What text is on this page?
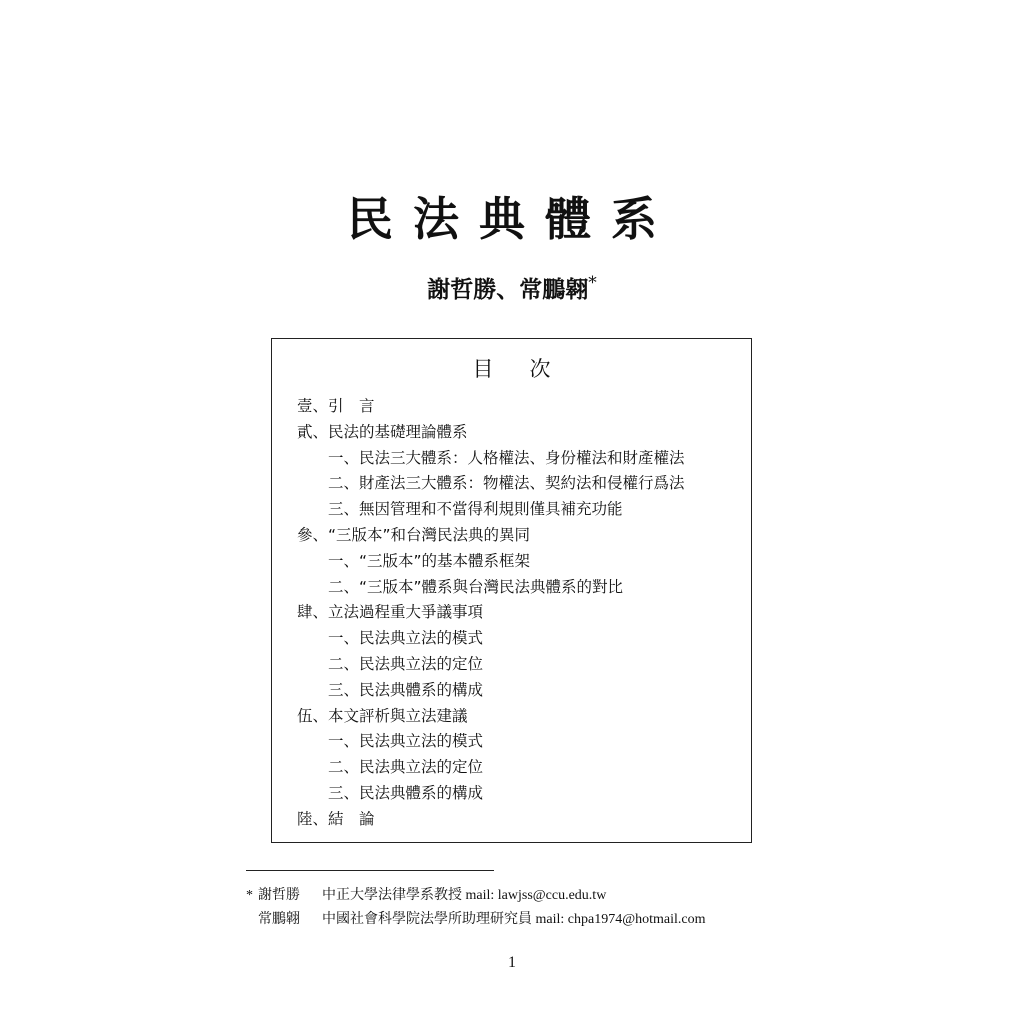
民法典體系
謝哲勝、常鵬翱*
目次
壹、引　言
貳、民法的基礎理論體系
一、民法三大體系：人格權法、身份權法和財產權法
二、財產法三大體系：物權法、契約法和侵權行爲法
三、無因管理和不當得利規則僅具補充功能
參、“三版本”和台灣民法典的異同
一、“三版本”的基本體系框架
二、“三版本”體系與台灣民法典體系的對比
肆、立法過程重大爭議事項
一、民法典立法的模式
二、民法典立法的定位
三、民法典體系的構成
伍、本文評析與立法建議
一、民法典立法的模式
二、民法典立法的定位
三、民法典體系的構成
陸、結　論
* 謝哲勝 中正大學法律學系教授 mail: lawjss@ccu.edu.tw
常鵬翺 中國社會科學院法學所助理研究員 mail: chpa1974@hotmail.com
1
